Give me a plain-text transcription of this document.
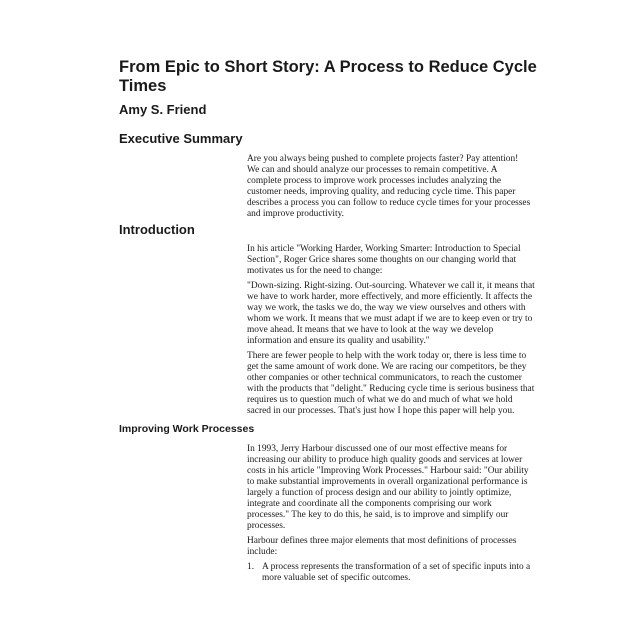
From Epic to Short Story: A Process to Reduce Cycle
Times
Amy S. Friend
Executive Summary
Are you always being pushed to complete projects faster? Pay attention!
We can and should analyze our processes to remain competitive. A
complete process to improve work processes includes analyzing the
customer needs, improving quality, and reducing cycle time. This paper
describes a process you can follow to reduce cycle times for your processes
and improve productivity.
Introduction
In his article "Working Harder, Working Smarter: Introduction to Special
Section", Roger Grice shares some thoughts on our changing world that
motivates us for the need to change:
"Down-sizing. Right-sizing. Out-sourcing. Whatever we call it, it means that
we have to work harder, more effectively, and more efficiently. It affects the
way we work, the tasks we do, the way we view ourselves and others with
whom we work. It means that we must adapt if we are to keep even or try to
move ahead. It means that we have to look at the way we develop
information and ensure its quality and usability."
There are fewer people to help with the work today or, there is less time to
get the same amount of work done. We are racing our competitors, be they
other companies or other technical communicators, to reach the customer
with the products that "delight." Reducing cycle time is serious business that
requires us to question much of what we do and much of what we hold
sacred in our processes. That's just how I hope this paper will help you.
Improving Work Processes
In 1993, Jerry Harbour discussed one of our most effective means for
increasing our ability to produce high quality goods and services at lower
costs in his article "Improving Work Processes." Harbour said: "Our ability
to make substantial improvements in overall organizational performance is
largely a function of process design and our ability to jointly optimize,
integrate and coordinate all the components comprising our work
processes." The key to do this, he said, is to improve and simplify our
processes.
Harbour defines three major elements that most definitions of processes
include:
1. A process represents the transformation of a set of specific inputs into a
more valuable set of specific outcomes.
